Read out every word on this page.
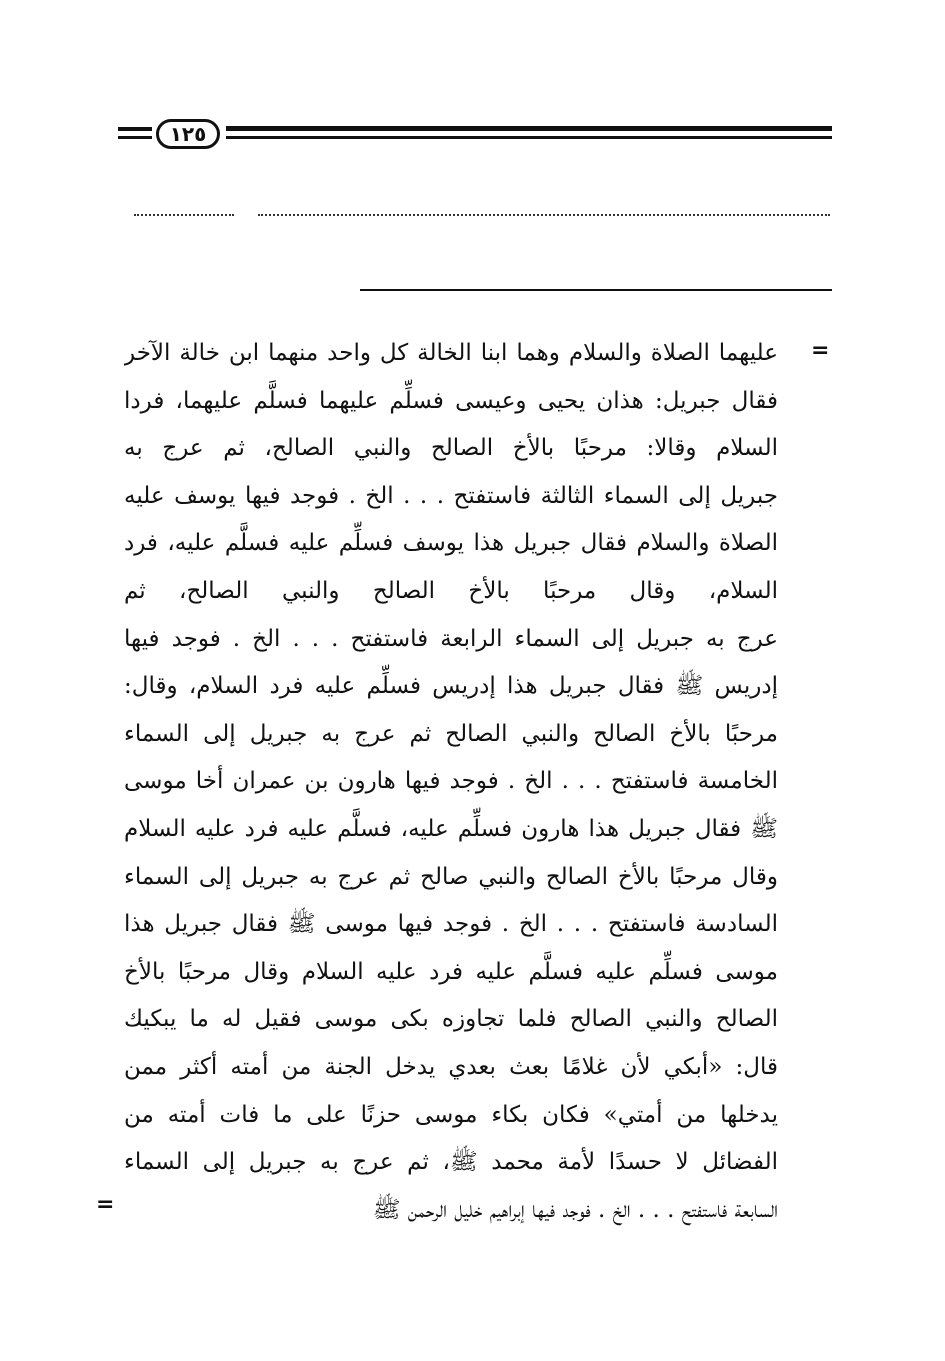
١٢٥
=
=
عليهما الصلاة والسلام وهما ابنا الخالة كل واحد منهما ابن خالة الآخر
فقال جبريل: هذان يحيى وعيسى فسلِّم عليهما فسلَّم عليهما، فردا
السلام وقالا: مرحبًا بالأخ الصالح والنبي الصالح، ثم عرج به
جبريل إلى السماء الثالثة فاستفتح . . . الخ . فوجد فيها يوسف عليه
الصلاة والسلام فقال جبريل هذا يوسف فسلِّم عليه فسلَّم عليه، فرد
السلام، وقال مرحبًا بالأخ الصالح والنبي الصالح، ثم
عرج به جبريل إلى السماء الرابعة فاستفتح . . . الخ . فوجد فيها
إدريس ﷺ فقال جبريل هذا إدريس فسلِّم عليه فرد السلام، وقال:
مرحبًا بالأخ الصالح والنبي الصالح ثم عرج به جبريل إلى السماء
الخامسة فاستفتح . . . الخ . فوجد فيها هارون بن عمران أخا موسى
ﷺ فقال جبريل هذا هارون فسلِّم عليه، فسلَّم عليه فرد عليه السلام
وقال مرحبًا بالأخ الصالح والنبي صالح ثم عرج به جبريل إلى السماء
السادسة فاستفتح . . . الخ . فوجد فيها موسى ﷺ فقال جبريل هذا
موسى فسلِّم عليه فسلَّم عليه فرد عليه السلام وقال مرحبًا بالأخ
الصالح والنبي الصالح فلما تجاوزه بكى موسى فقيل له ما يبكيك
قال: «أبكي لأن غلامًا بعث بعدي يدخل الجنة من أمته أكثر ممن
يدخلها من أمتي» فكان بكاء موسى حزنًا على ما فات أمته من
الفضائل لا حسدًا لأمة محمد ﷺ، ثم عرج به جبريل إلى السماء
السابعة فاستفتح . . . الخ . فوجد فيها إبراهيم خليل الرحمن ﷺ
